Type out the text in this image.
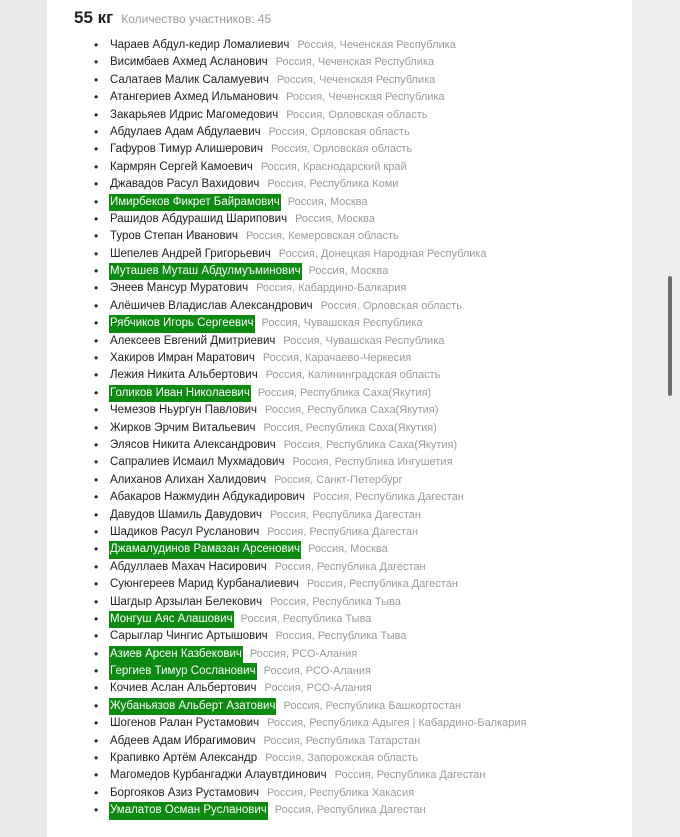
55 кг Количество участников: 45
•	Чараев Абдул-кедир Ломалиевич Россия, Чеченская Республика
•	Висимбаев Ахмед Асланович Россия, Чеченская Республика
•	Салатаев Малик Саламуевич Россия, Чеченская Республика
•	Атангериев Ахмед Ильманович Россия, Чеченская Республика
•	Закарьяев Идрис Магомедович Россия, Орловская область
•	Абдулаев Адам Абдулаевич Россия, Орловская область
•	Гафуров Тимур Алишерович Россия, Орловская область
•	Кармрян Сергей Камоевич Россия, Краснодарский край
•	Джавадов Расул Вахидович Россия, Республика Коми
•	Имирбеков Фикрет Байрамович Россия, Москва
•	Рашидов Абдурашид Шарипович Россия, Москва
•	Туров Степан Иванович Россия, Кемеровская область
•	Шепелев Андрей Григорьевич Россия, Донецкая Народная Республика
•	Муташев Муташ Абдулмуъминович Россия, Москва
•	Энеев Мансур Муратович Россия, Кабардино-Балкария
•	Алёшичев Владислав Александрович Россия, Орловская область
•	Рябчиков Игорь Сергеевич Россия, Чувашская Республика
•	Алексеев Евгений Дмитриевич Россия, Чувашская Республика
•	Хакиров Имран Маратович Россия, Карачаево-Черкесия
•	Лежия Никита Альбертович Россия, Калининградская область
•	Голиков Иван Николаевич Россия, Республика Саха(Якутия)
•	Чемезов Ньургун Павлович Россия, Республика Саха(Якутия)
•	Жирков Эрчим Витальевич Россия, Республика Саха(Якутия)
•	Элясов Никита Александрович Россия, Республика Саха(Якутия)
•	Сапралиев Исмаил Мухмадович Россия, Республика Ингушетия
•	Алиханов Алихан Халидович Россия, Санкт-Петербург
•	Абакаров Нажмудин Абдукадирович Россия, Республика Дагестан
•	Давудов Шамиль Давудович Россия, Республика Дагестан
•	Шадиков Расул Русланович Россия, Республика Дагестан
•	Джамалудинов Рамазан Арсенович Россия, Москва
•	Абдуллаев Махач Насирович Россия, Республика Дагестан
•	Суюнгереев Марид Курбаналиевич Россия, Республика Дагестан
•	Шагдыр Арзылан Белекович Россия, Республика Тыва
•	Монгуш Аяс Алашович Россия, Республика Тыва
•	Сарыглар Чингис Артышович Россия, Республика Тыва
•	Азиев Арсен Казбекович Россия, РСО-Алания
•	Гергиев Тимур Сосланович Россия, РСО-Алания
•	Кочиев Аслан Альбертович Россия, РСО-Алания
•	Жубаньязов Альберт Азатович Россия, Республика Башкортостан
•	Шогенов Ралан Рустамович Россия, Республика Адыгея | Кабардино-Балкария
•	Абдеев Адам Ибрагимович Россия, Республика Татарстан
•	Крапивко Артём Александр Россия, Запорожская область
•	Магомедов Курбангаджи Алаувтдинович Россия, Республика Дагестан
•	Боргояков Азиз Рустамович Россия, Республика Хакасия
•	Умалатов Осман Русланович Россия, Республика Дагестан
